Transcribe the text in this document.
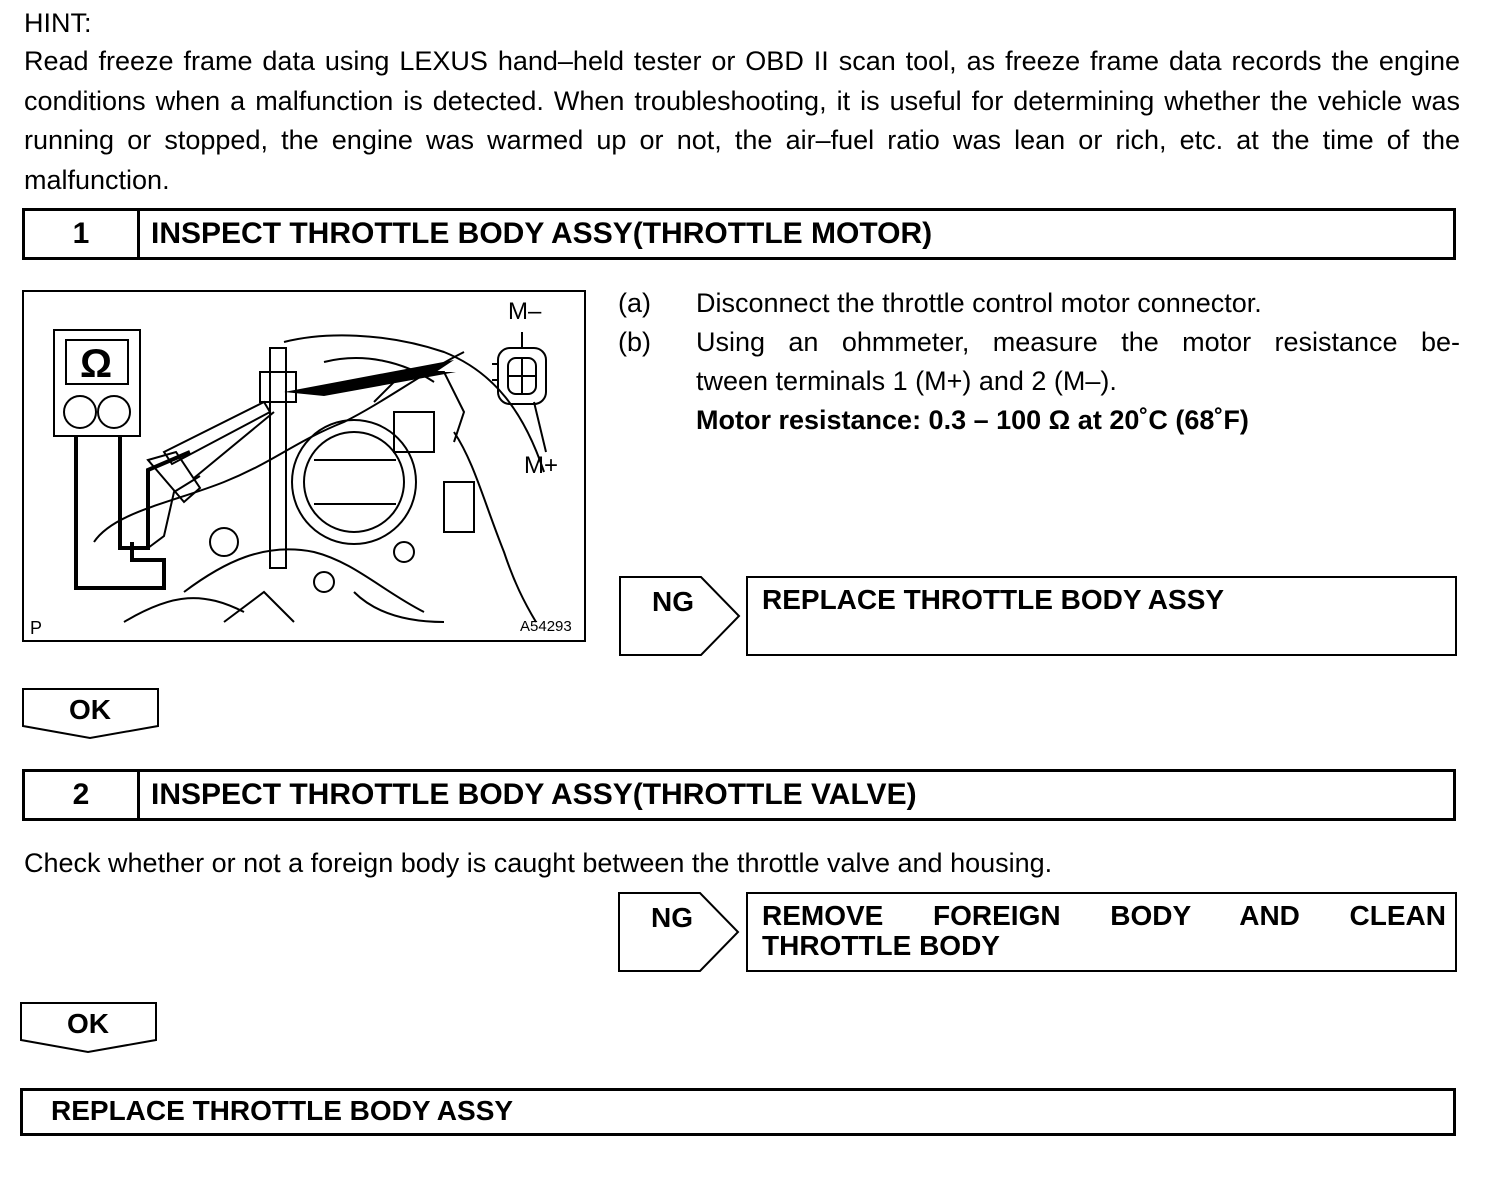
HINT:
Read freeze frame data using LEXUS hand–held tester or OBD II scan tool, as freeze frame data records the engine conditions when a malfunction is detected. When troubleshooting, it is useful for determining whether the vehicle was running or stopped, the engine was warmed up or not, the air–fuel ratio was lean or rich, etc. at the time of the malfunction.
1	INSPECT THROTTLE BODY ASSY(THROTTLE MOTOR)
Ω
M–
M+
P	A54293
(a) Disconnect the throttle control motor connector.
(b) Using an ohmmeter, measure the motor resistance be-
tween terminals 1 (M+) and 2 (M–).
Motor resistance: 0.3 – 100 Ω at 20˚C (68˚F)
NG	REPLACE THROTTLE BODY ASSY
OK
2	INSPECT THROTTLE BODY ASSY(THROTTLE VALVE)
Check whether or not a foreign body is caught between the throttle valve and housing.
NG	REMOVE FOREIGN BODY AND CLEAN
THROTTLE BODY
OK
REPLACE THROTTLE BODY ASSY
